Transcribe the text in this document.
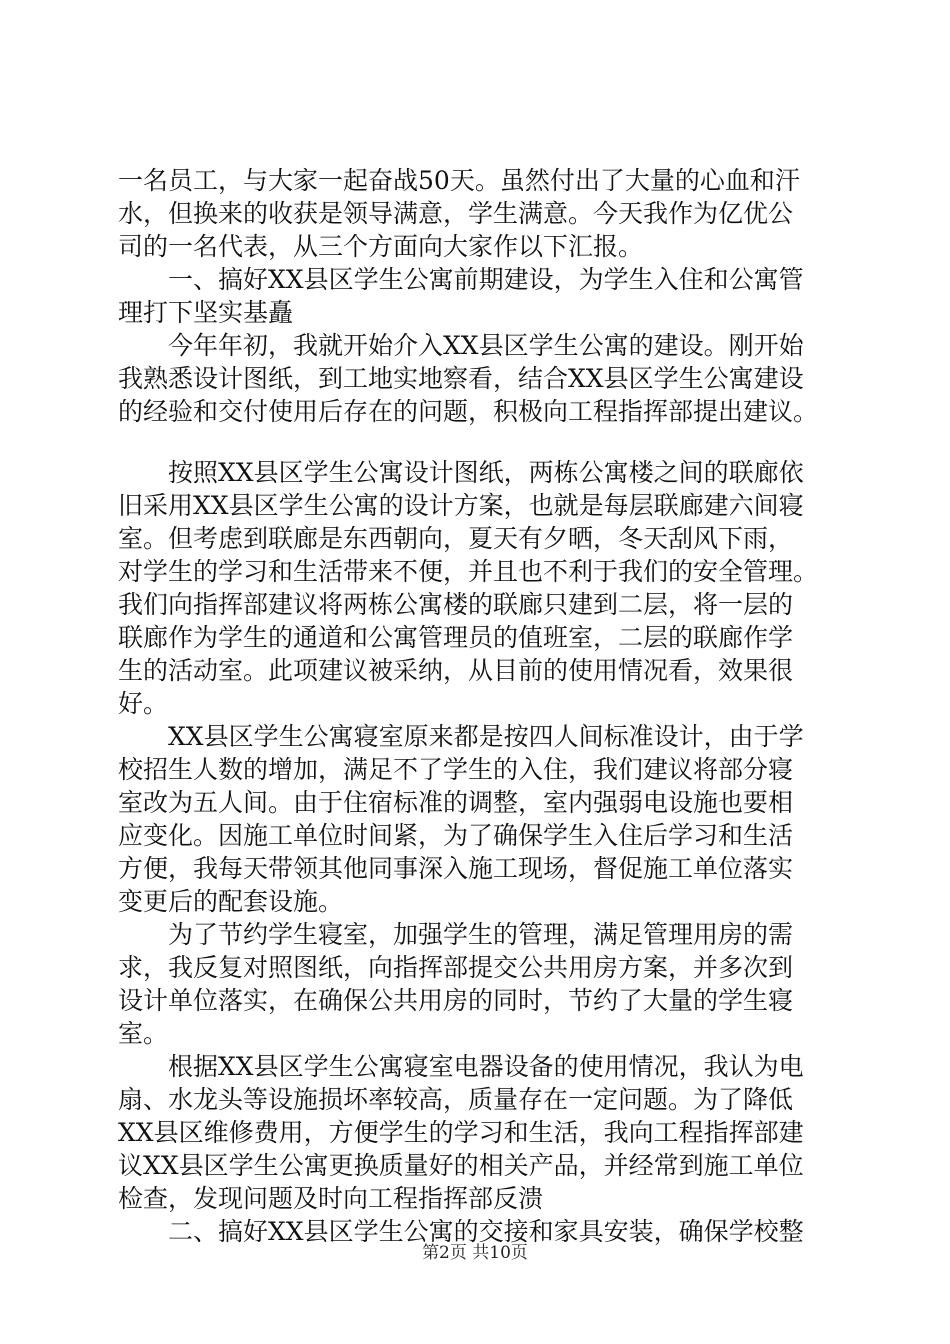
一名员工，与大家一起奋战50天。虽然付出了大量的心血和汗
水，但换来的收获是领导满意，学生满意。今天我作为亿优公
司的一名代表，从三个方面向大家作以下汇报。
　　一、搞好XX县区学生公寓前期建设，为学生入住和公寓管
理打下坚实基矗
　　今年年初，我就开始介入XX县区学生公寓的建设。刚开始
我熟悉设计图纸，到工地实地察看，结合XX县区学生公寓建设
的经验和交付使用后存在的问题，积极向工程指挥部提出建议。
　　按照XX县区学生公寓设计图纸，两栋公寓楼之间的联廊依
旧采用XX县区学生公寓的设计方案，也就是每层联廊建六间寝
室。但考虑到联廊是东西朝向，夏天有夕晒，冬天刮风下雨，
对学生的学习和生活带来不便，并且也不利于我们的安全管理。
我们向指挥部建议将两栋公寓楼的联廊只建到二层，将一层的
联廊作为学生的通道和公寓管理员的值班室，二层的联廊作学
生的活动室。此项建议被采纳，从目前的使用情况看，效果很
好。
　　XX县区学生公寓寝室原来都是按四人间标准设计，由于学
校招生人数的增加，满足不了学生的入住，我们建议将部分寝
室改为五人间。由于住宿标准的调整，室内强弱电设施也要相
应变化。因施工单位时间紧，为了确保学生入住后学习和生活
方便，我每天带领其他同事深入施工现场，督促施工单位落实
变更后的配套设施。
　　为了节约学生寝室，加强学生的管理，满足管理用房的需
求，我反复对照图纸，向指挥部提交公共用房方案，并多次到
设计单位落实，在确保公共用房的同时，节约了大量的学生寝
室。
　　根据XX县区学生公寓寝室电器设备的使用情况，我认为电
扇、水龙头等设施损坏率较高，质量存在一定问题。为了降低
XX县区维修费用，方便学生的学习和生活，我向工程指挥部建
议XX县区学生公寓更换质量好的相关产品，并经常到施工单位
检查，发现问题及时向工程指挥部反溃
　　二、搞好XX县区学生公寓的交接和家具安装，确保学校整
第2页 共10页
